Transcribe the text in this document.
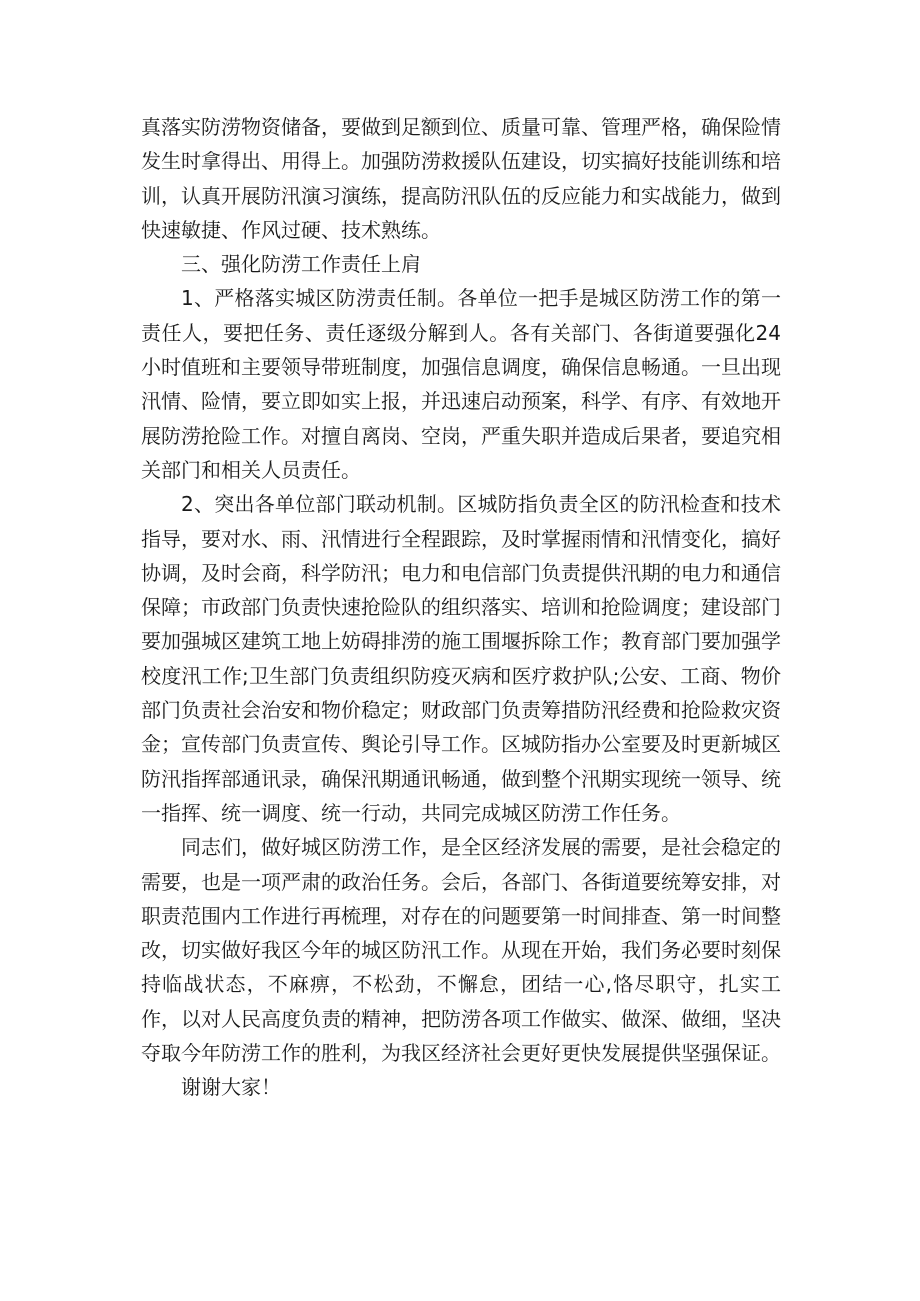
真落实防涝物资储备，要做到足额到位、质量可靠、管理严格，确保险情发生时拿得出、用得上。加强防涝救援队伍建设，切实搞好技能训练和培训，认真开展防汛演习演练，提高防汛队伍的反应能力和实战能力，做到快速敏捷、作风过硬、技术熟练。

三、强化防涝工作责任上肩

1、严格落实城区防涝责任制。各单位一把手是城区防涝工作的第一责任人，要把任务、责任逐级分解到人。各有关部门、各街道要强化24小时值班和主要领导带班制度，加强信息调度，确保信息畅通。一旦出现汛情、险情，要立即如实上报，并迅速启动预案，科学、有序、有效地开展防涝抢险工作。对擅自离岗、空岗，严重失职并造成后果者，要追究相关部门和相关人员责任。

2、突出各单位部门联动机制。区城防指负责全区的防汛检查和技术指导，要对水、雨、汛情进行全程跟踪，及时掌握雨情和汛情变化，搞好协调，及时会商，科学防汛；电力和电信部门负责提供汛期的电力和通信保障；市政部门负责快速抢险队的组织落实、培训和抢险调度；建设部门要加强城区建筑工地上妨碍排涝的施工围堰拆除工作；教育部门要加强学校度汛工作;卫生部门负责组织防疫灭病和医疗救护队;公安、工商、物价部门负责社会治安和物价稳定；财政部门负责筹措防汛经费和抢险救灾资金；宣传部门负责宣传、舆论引导工作。区城防指办公室要及时更新城区防汛指挥部通讯录，确保汛期通讯畅通，做到整个汛期实现统一领导、统一指挥、统一调度、统一行动，共同完成城区防涝工作任务。

同志们，做好城区防涝工作，是全区经济发展的需要，是社会稳定的需要，也是一项严肃的政治任务。会后，各部门、各街道要统筹安排，对职责范围内工作进行再梳理，对存在的问题要第一时间排查、第一时间整改，切实做好我区今年的城区防汛工作。从现在开始，我们务必要时刻保持临战状态，不麻痹，不松劲，不懈怠，团结一心,恪尽职守，扎实工作，以对人民高度负责的精神，把防涝各项工作做实、做深、做细，坚决夺取今年防涝工作的胜利，为我区经济社会更好更快发展提供坚强保证。

谢谢大家！
